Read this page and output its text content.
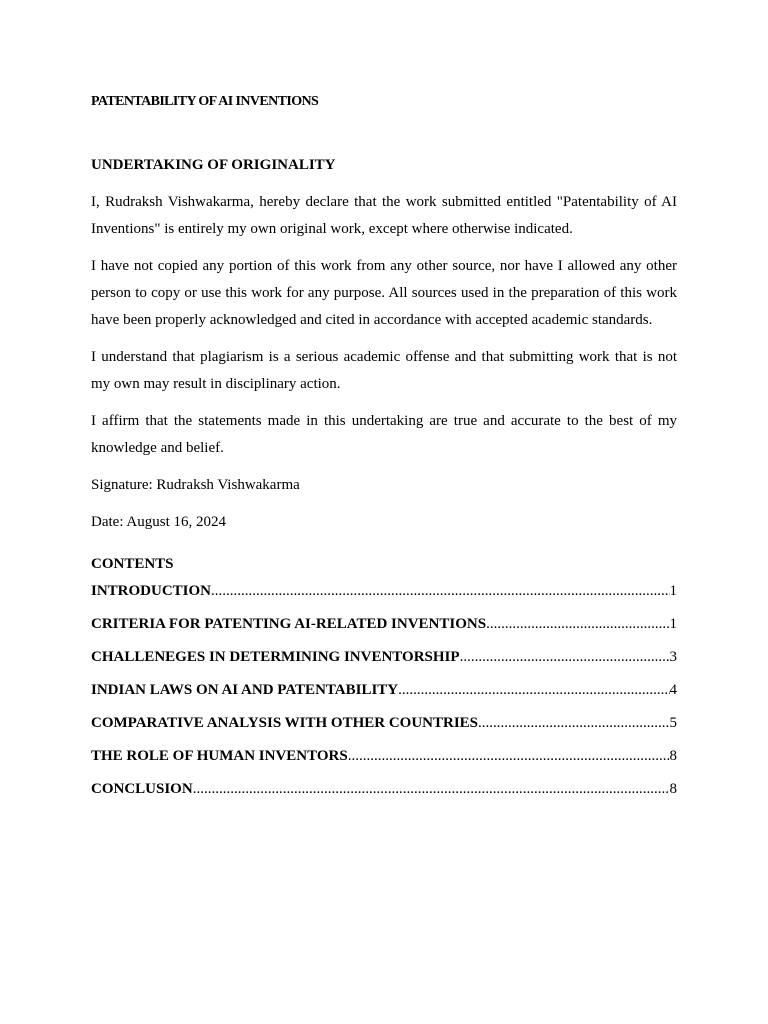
PATENTABILITY OF AI INVENTIONS
UNDERTAKING OF ORIGINALITY

I, Rudraksh Vishwakarma, hereby declare that the work submitted entitled "Patentability of AI Inventions" is entirely my own original work, except where otherwise indicated.

I have not copied any portion of this work from any other source, nor have I allowed any other person to copy or use this work for any purpose. All sources used in the preparation of this work have been properly acknowledged and cited in accordance with accepted academic standards.

I understand that plagiarism is a serious academic offense and that submitting work that is not my own may result in disciplinary action.

I affirm that the statements made in this undertaking are true and accurate to the best of my knowledge and belief.

Signature: Rudraksh Vishwakarma

Date: August 16, 2024

CONTENTS
INTRODUCTION .....	1
CRITERIA FOR PATENTING AI-RELATED INVENTIONS .....	1
CHALLENEGES IN DETERMINING INVENTORSHIP .....	3
INDIAN LAWS ON AI AND PATENTABILITY .....	4
COMPARATIVE ANALYSIS WITH OTHER COUNTRIES .....	5
THE ROLE OF HUMAN INVENTORS .....	8
CONCLUSION .....	8
